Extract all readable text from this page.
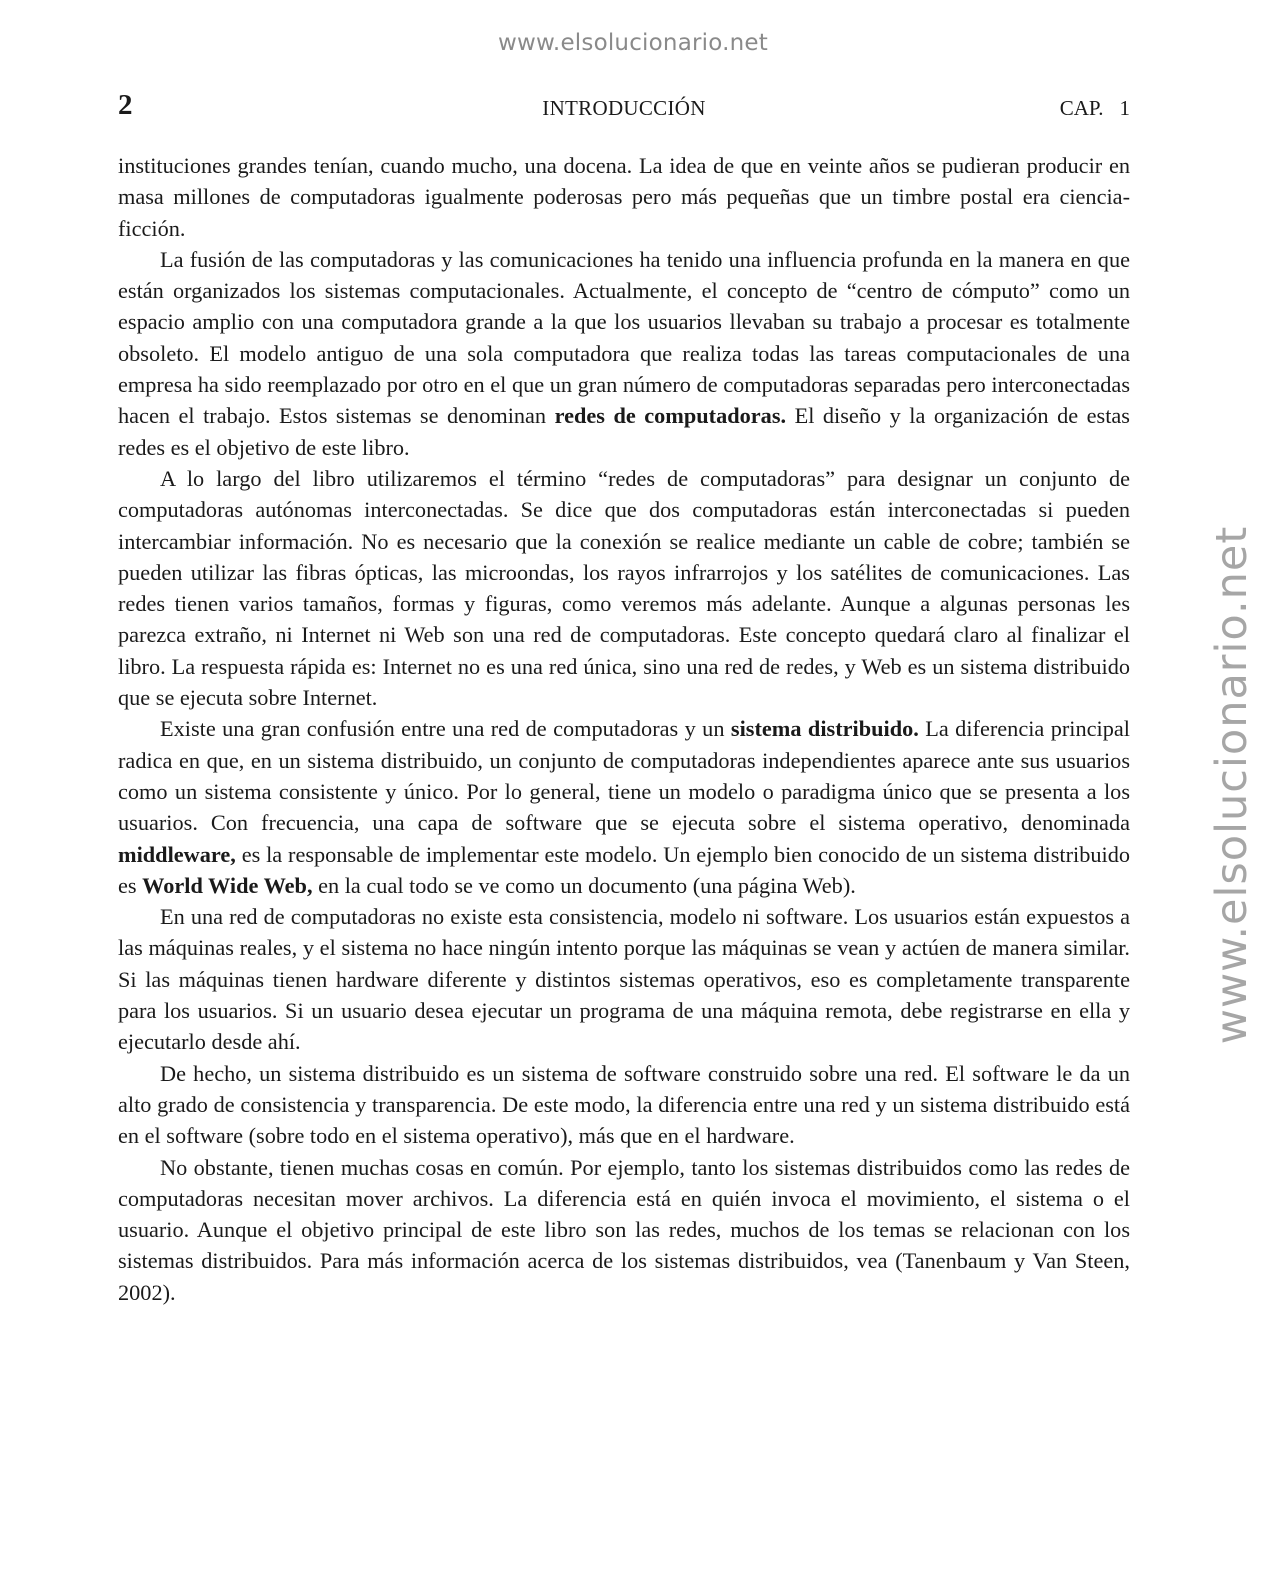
www.elsolucionario.net
www.elsolucionario.net
2	INTRODUCCIÓN	CAP. 1

instituciones grandes tenían, cuando mucho, una docena. La idea de que en veinte años se pudieran producir en masa millones de computadoras igualmente poderosas pero más pequeñas que un timbre postal era ciencia-ficción.

La fusión de las computadoras y las comunicaciones ha tenido una influencia profunda en la manera en que están organizados los sistemas computacionales. Actualmente, el concepto de “centro de cómputo” como un espacio amplio con una computadora grande a la que los usuarios llevaban su trabajo a procesar es totalmente obsoleto. El modelo antiguo de una sola computadora que realiza todas las tareas computacionales de una empresa ha sido reemplazado por otro en el que un gran número de computadoras separadas pero interconectadas hacen el trabajo. Estos sistemas se denominan redes de computadoras. El diseño y la organización de estas redes es el objetivo de este libro.

A lo largo del libro utilizaremos el término “redes de computadoras” para designar un conjunto de computadoras autónomas interconectadas. Se dice que dos computadoras están interconectadas si pueden intercambiar información. No es necesario que la conexión se realice mediante un cable de cobre; también se pueden utilizar las fibras ópticas, las microondas, los rayos infrarrojos y los satélites de comunicaciones. Las redes tienen varios tamaños, formas y figuras, como veremos más adelante. Aunque a algunas personas les parezca extraño, ni Internet ni Web son una red de computadoras. Este concepto quedará claro al finalizar el libro. La respuesta rápida es: Internet no es una red única, sino una red de redes, y Web es un sistema distribuido que se ejecuta sobre Internet.

Existe una gran confusión entre una red de computadoras y un sistema distribuido. La diferencia principal radica en que, en un sistema distribuido, un conjunto de computadoras independientes aparece ante sus usuarios como un sistema consistente y único. Por lo general, tiene un modelo o paradigma único que se presenta a los usuarios. Con frecuencia, una capa de software que se ejecuta sobre el sistema operativo, denominada middleware, es la responsable de implementar este modelo. Un ejemplo bien conocido de un sistema distribuido es World Wide Web, en la cual todo se ve como un documento (una página Web).

En una red de computadoras no existe esta consistencia, modelo ni software. Los usuarios están expuestos a las máquinas reales, y el sistema no hace ningún intento porque las máquinas se vean y actúen de manera similar. Si las máquinas tienen hardware diferente y distintos sistemas operativos, eso es completamente transparente para los usuarios. Si un usuario desea ejecutar un programa de una máquina remota, debe registrarse en ella y ejecutarlo desde ahí.

De hecho, un sistema distribuido es un sistema de software construido sobre una red. El software le da un alto grado de consistencia y transparencia. De este modo, la diferencia entre una red y un sistema distribuido está en el software (sobre todo en el sistema operativo), más que en el hardware.

No obstante, tienen muchas cosas en común. Por ejemplo, tanto los sistemas distribuidos como las redes de computadoras necesitan mover archivos. La diferencia está en quién invoca el movimiento, el sistema o el usuario. Aunque el objetivo principal de este libro son las redes, muchos de los temas se relacionan con los sistemas distribuidos. Para más información acerca de los sistemas distribuidos, vea (Tanenbaum y Van Steen, 2002).
